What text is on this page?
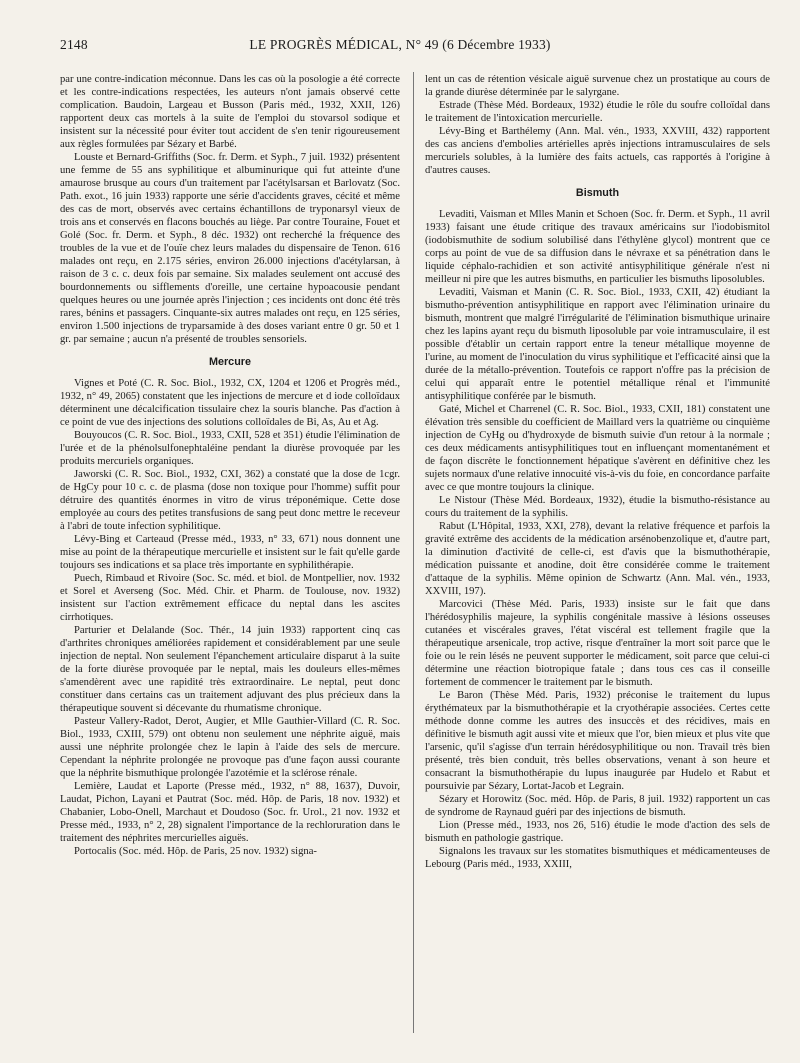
2148	LE PROGRÈS MÉDICAL, N° 49 (6 Décembre 1933)

par une contre-indication méconnue. Dans les cas où la posologie a été correcte et les contre-indications respectées, les auteurs n'ont jamais observé cette complication. Baudoin, Largeau et Busson (Paris méd., 1932, XXII, 126) rapportent deux cas mortels à la suite de l'emploi du stovarsol sodique et insistent sur la nécessité pour éviter tout accident de s'en tenir rigoureusement aux règles formulées par Sézary et Barbé.

Louste et Bernard-Griffiths (Soc. fr. Derm. et Syph., 7 juil. 1932) présentent une femme de 55 ans syphilitique et albuminurique qui fut atteinte d'une amaurose brusque au cours d'un traitement par l'acétylsarsan et Barlovatz (Soc. Path. exot., 16 juin 1933) rapporte une série d'accidents graves, cécité et même des cas de mort, observés avec certains échantillons de tryponarsyl vieux de trois ans et conservés en flacons bouchés au liège. Par contre Touraine, Fouet et Golé (Soc. fr. Derm. et Syph., 8 déc. 1932) ont recherché la fréquence des troubles de la vue et de l'ouïe chez leurs malades du dispensaire de Tenon. 616 malades ont reçu, en 2.175 séries, environ 26.000 injections d'acétylarsan, à raison de 3 c. c. deux fois par semaine. Six malades seulement ont accusé des bourdonnements ou sifflements d'oreille, une certaine hypoacousie pendant quelques heures ou une journée après l'injection ; ces incidents ont donc été très rares, bénins et passagers. Cinquante-six autres malades ont reçu, en 125 séries, environ 1.500 injections de tryparsamide à des doses variant entre 0 gr. 50 et 1 gr. par semaine ; aucun n'a présenté de troubles sensoriels.

Mercure

Vignes et Poté (C. R. Soc. Biol., 1932, CX, 1204 et 1206 et Progrès méd., 1932, n° 49, 2065) constatent que les injections de mercure et d iode colloïdaux déterminent une décalcification tissulaire chez la souris blanche. Pas d'action à ce point de vue des injections des solutions colloïdales de Bi, As, Au et Ag.

Bouyoucos (C. R. Soc. Biol., 1933, CXII, 528 et 351) étudie l'élimination de l'urée et de la phénolsulfonephtaléine pendant la diurèse provoquée par les produits mercuriels organiques.

Jaworski (C. R. Soc. Biol., 1932, CXI, 362) a constaté que la dose de 1cgr. de HgCy pour 10 c. c. de plasma (dose non toxique pour l'homme) suffit pour détruire des quantités énormes in vitro de virus tréponémique. Cette dose employée au cours des petites transfusions de sang peut donc mettre le receveur à l'abri de toute infection syphilitique.

Lévy-Bing et Carteaud (Presse méd., 1933, n° 33, 671) nous donnent une mise au point de la thérapeutique mercurielle et insistent sur le fait qu'elle garde toujours ses indications et sa place très importante en syphilithérapie.

Puech, Rimbaud et Rivoire (Soc. Sc. méd. et biol. de Montpellier, nov. 1932 et Sorel et Averseng (Soc. Méd. Chir. et Pharm. de Toulouse, nov. 1932) insistent sur l'action extrêmement efficace du neptal dans les ascites cirrhotiques.

Parturier et Delalande (Soc. Thér., 14 juin 1933) rapportent cinq cas d'arthrites chroniques améliorées rapidement et considérablement par une seule injection de neptal. Non seulement l'épanchement articulaire disparut à la suite de la forte diurèse provoquée par le neptal, mais les douleurs elles-mêmes s'amendèrent avec une rapidité très extraordinaire. Le neptal, peut donc constituer dans certains cas un traitement adjuvant des plus précieux dans la thérapeutique souvent si décevante du rhumatisme chronique.

Pasteur Vallery-Radot, Derot, Augier, et Mlle Gauthier-Villard (C. R. Soc. Biol., 1933, CXIII, 579) ont obtenu non seulement une néphrite aiguë, mais aussi une néphrite prolongée chez le lapin à l'aide des sels de mercure. Cependant la néphrite prolongée ne provoque pas d'une façon aussi courante que la néphrite bismuthique prolongée l'azotémie et la sclérose rénale.

Lemière, Laudat et Laporte (Presse méd., 1932, n° 88, 1637), Duvoir, Laudat, Pichon, Layani et Pautrat (Soc. méd. Hôp. de Paris, 18 nov. 1932) et Chabanier, Lobo-Onell, Marchaut et Doudoso (Soc. fr. Urol., 21 nov. 1932 et Presse méd., 1933, n° 2, 28) signalent l'importance de la rechloruration dans le traitement des néphrites mercurielles aiguës.

Portocalis (Soc. méd. Hôp. de Paris, 25 nov. 1932) signa-

lent un cas de rétention vésicale aiguë survenue chez un prostatique au cours de la grande diurèse déterminée par le salyrgane.

Estrade (Thèse Méd. Bordeaux, 1932) étudie le rôle du soufre colloïdal dans le traitement de l'intoxication mercurielle.

Lévy-Bing et Barthélemy (Ann. Mal. vén., 1933, XXVIII, 432) rapportent des cas anciens d'embolies artérielles après injections intramusculaires de sels mercuriels solubles, à la lumière des faits actuels, cas rapportés à l'origine à d'autres causes.

Bismuth

Levaditi, Vaisman et Mlles Manin et Schoen (Soc. fr. Derm. et Syph., 11 avril 1933) faisant une étude critique des travaux américains sur l'iodobismitol (iodobismuthite de sodium solubilisé dans l'éthylène glycol) montrent que ce corps au point de vue de sa diffusion dans le névraxe et sa pénétration dans le liquide céphalo-rachidien et son activité antisyphilitique générale n'est ni meilleur ni pire que les autres bismuths, en particulier les bismuths liposolubles.

Levaditi, Vaisman et Manin (C. R. Soc. Biol., 1933, CXII, 42) étudiant la bismutho-prévention antisyphilitique en rapport avec l'élimination urinaire du bismuth, montrent que malgré l'irrégularité de l'élimination bismuthique urinaire chez les lapins ayant reçu du bismuth liposoluble par voie intramusculaire, il est possible d'établir un certain rapport entre la teneur métallique moyenne de l'urine, au moment de l'inoculation du virus syphilitique et l'efficacité ainsi que la durée de la métallo-prévention. Toutefois ce rapport n'offre pas la précision de celui qui apparaît entre le potentiel métallique rénal et l'immunité antisyphilitique conférée par le bismuth.

Gaté, Michel et Charrenel (C. R. Soc. Biol., 1933, CXII, 181) constatent une élévation très sensible du coefficient de Maillard vers la quatrième ou cinquième injection de CyHg ou d'hydroxyde de bismuth suivie d'un retour à la normale ; ces deux médicaments antisyphilitiques tout en influençant momentanément et de façon discrète le fonctionnement hépatique s'avèrent en définitive chez les sujets normaux d'une relative innocuité vis-à-vis du foie, en concordance parfaite avec ce que montre toujours la clinique.

Le Nistour (Thèse Méd. Bordeaux, 1932), étudie la bismutho-résistance au cours du traitement de la syphilis.

Rabut (L'Hôpital, 1933, XXI, 278), devant la relative fréquence et parfois la gravité extrême des accidents de la médication arsénobenzolique et, d'autre part, la diminution d'activité de celle-ci, est d'avis que la bismuthothérapie, médication puissante et anodine, doit être considérée comme le traitement d'attaque de la syphilis. Même opinion de Schwartz (Ann. Mal. vén., 1933, XXVIII, 197).

Marcovici (Thèse Méd. Paris, 1933) insiste sur le fait que dans l'hérédosyphilis majeure, la syphilis congénitale massive à lésions osseuses cutanées et viscérales graves, l'état viscéral est tellement fragile que la thérapeutique arsenicale, trop active, risque d'entraîner la mort soit parce que le foie ou le rein lésés ne peuvent supporter le médicament, soit parce que celui-ci détermine une réaction biotropique fatale ; dans tous ces cas il conseille fortement de commencer le traitement par le bismuth.

Le Baron (Thèse Méd. Paris, 1932) préconise le traitement du lupus érythémateux par la bismuthothérapie et la cryothérapie associées. Certes cette méthode donne comme les autres des insuccès et des récidives, mais en définitive le bismuth agit aussi vite et mieux que l'or, bien mieux et plus vite que l'arsenic, qu'il s'agisse d'un terrain hérédosyphilitique ou non. Travail très bien présenté, très bien conduit, très belles observations, venant à son heure et consacrant la bismuthothérapie du lupus inaugurée par Hudelo et Rabut et poursuivie par Sézary, Lortat-Jacob et Legrain.

Sézary et Horowitz (Soc. méd. Hôp. de Paris, 8 juil. 1932) rapportent un cas de syndrome de Raynaud guéri par des injections de bismuth.

Lion (Presse méd., 1933, nos 26, 516) étudie le mode d'action des sels de bismuth en pathologie gastrique.

Signalons les travaux sur les stomatites bismuthiques et médicamenteuses de Lebourg (Paris méd., 1933, XXIII,
